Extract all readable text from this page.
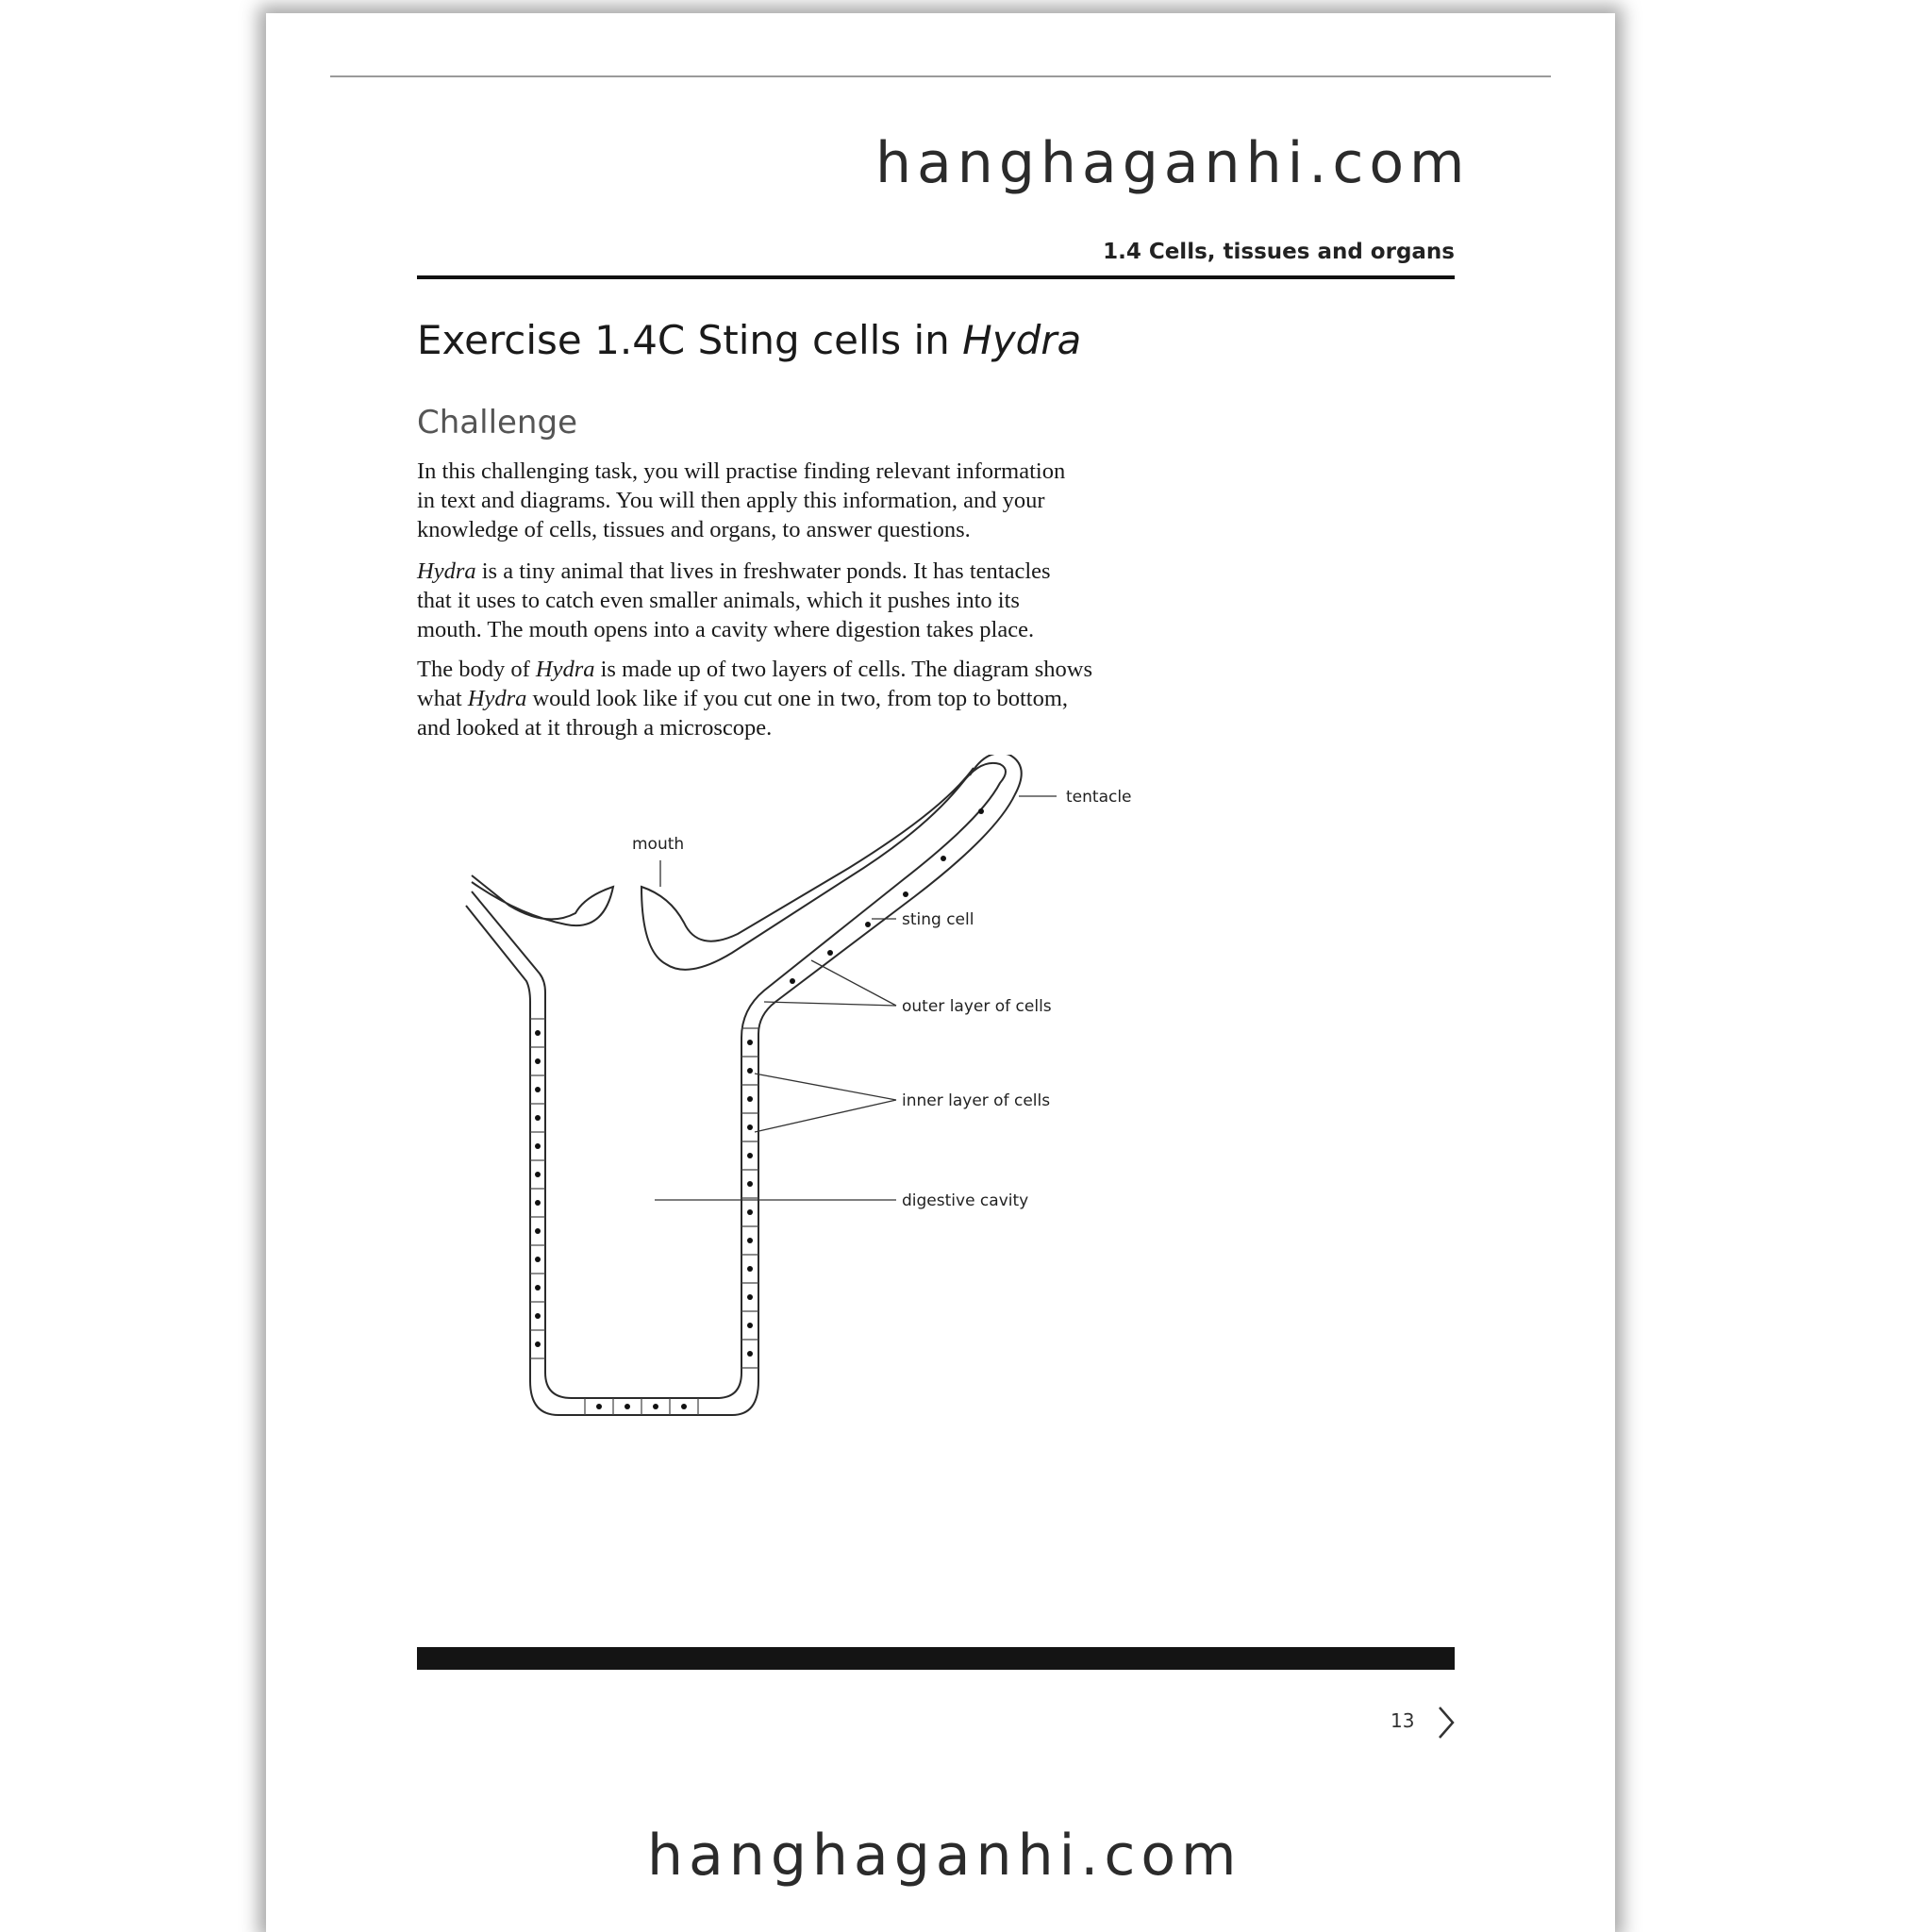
hanghaganhi.com
1.4 Cells, tissues and organs
Exercise 1.4C Sting cells in Hydra
Challenge
In this challenging task, you will practise finding relevant information
in text and diagrams. You will then apply this information, and your
knowledge of cells, tissues and organs, to answer questions.
Hydra is a tiny animal that lives in freshwater ponds. It has tentacles
that it uses to catch even smaller animals, which it pushes into its
mouth. The mouth opens into a cavity where digestion takes place.
The body of Hydra is made up of two layers of cells. The diagram shows
what Hydra would look like if you cut one in two, from top to bottom,
and looked at it through a microscope.
tentacle
mouth
sting cell
outer layer of cells
inner layer of cells
digestive cavity
13
hanghaganhi.com
